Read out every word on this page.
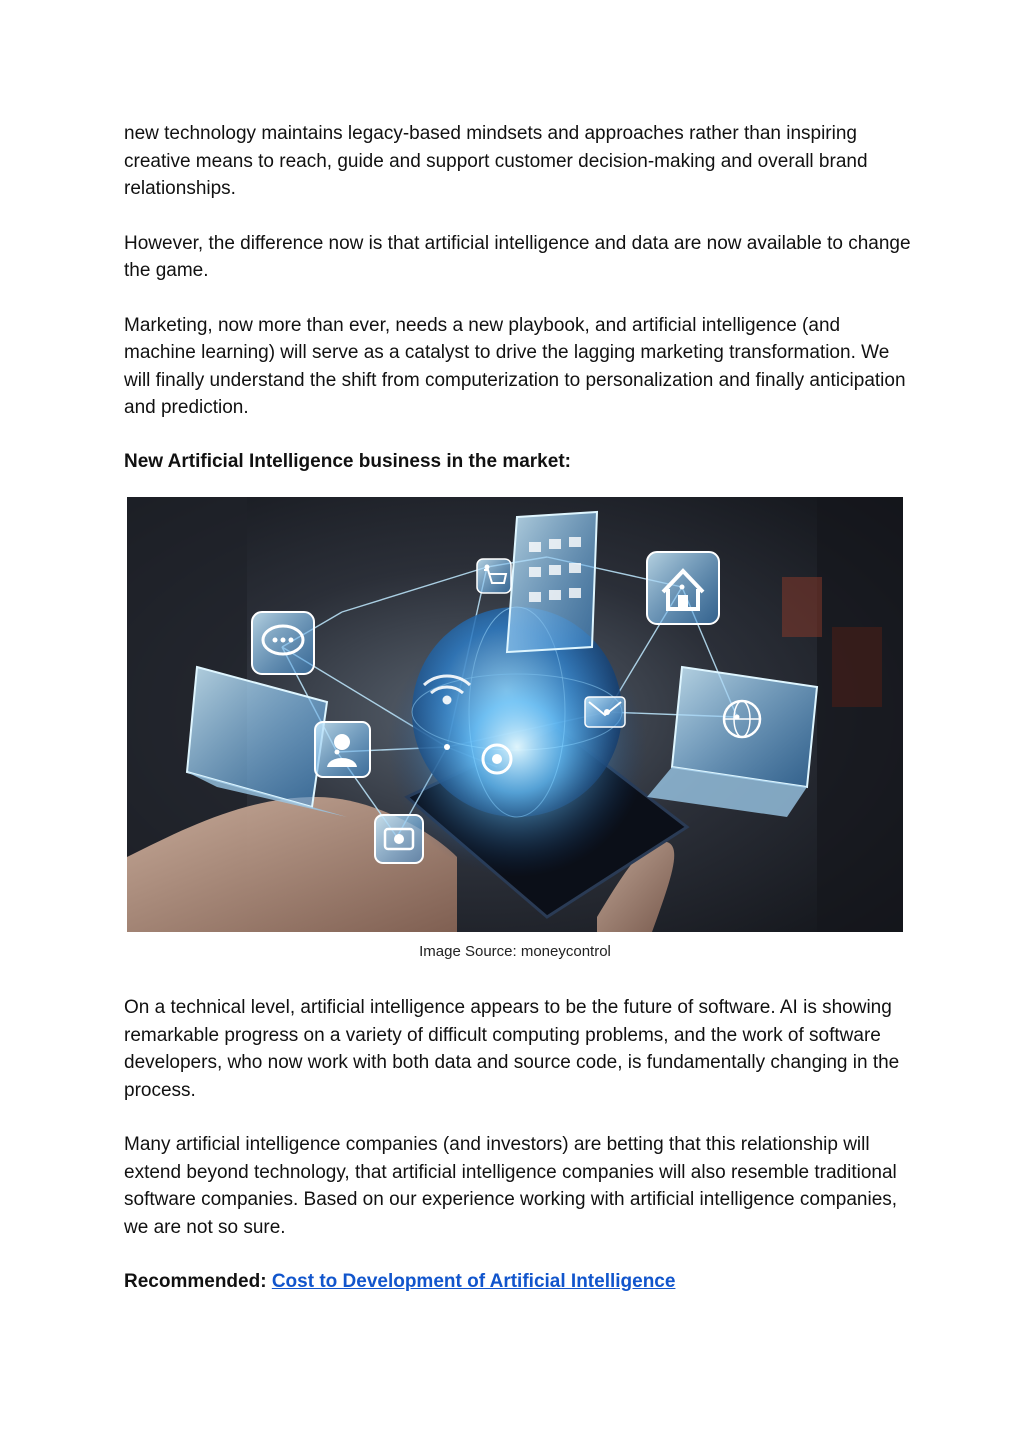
new technology maintains legacy-based mindsets and approaches rather than inspiring creative means to reach, guide and support customer decision-making and overall brand relationships.

However, the difference now is that artificial intelligence and data are now available to change the game.

Marketing, now more than ever, needs a new playbook, and artificial intelligence (and machine learning) will serve as a catalyst to drive the lagging marketing transformation. We will finally understand the shift from computerization to personalization and finally anticipation and prediction.

New Artificial Intelligence business in the market:

Image Source: moneycontrol

On a technical level, artificial intelligence appears to be the future of software. AI is showing remarkable progress on a variety of difficult computing problems, and the work of software developers, who now work with both data and source code, is fundamentally changing in the process.

Many artificial intelligence companies (and investors) are betting that this relationship will extend beyond technology, that artificial intelligence companies will also resemble traditional software companies. Based on our experience working with artificial intelligence companies, we are not so sure.

Recommended: Cost to Development of Artificial Intelligence
